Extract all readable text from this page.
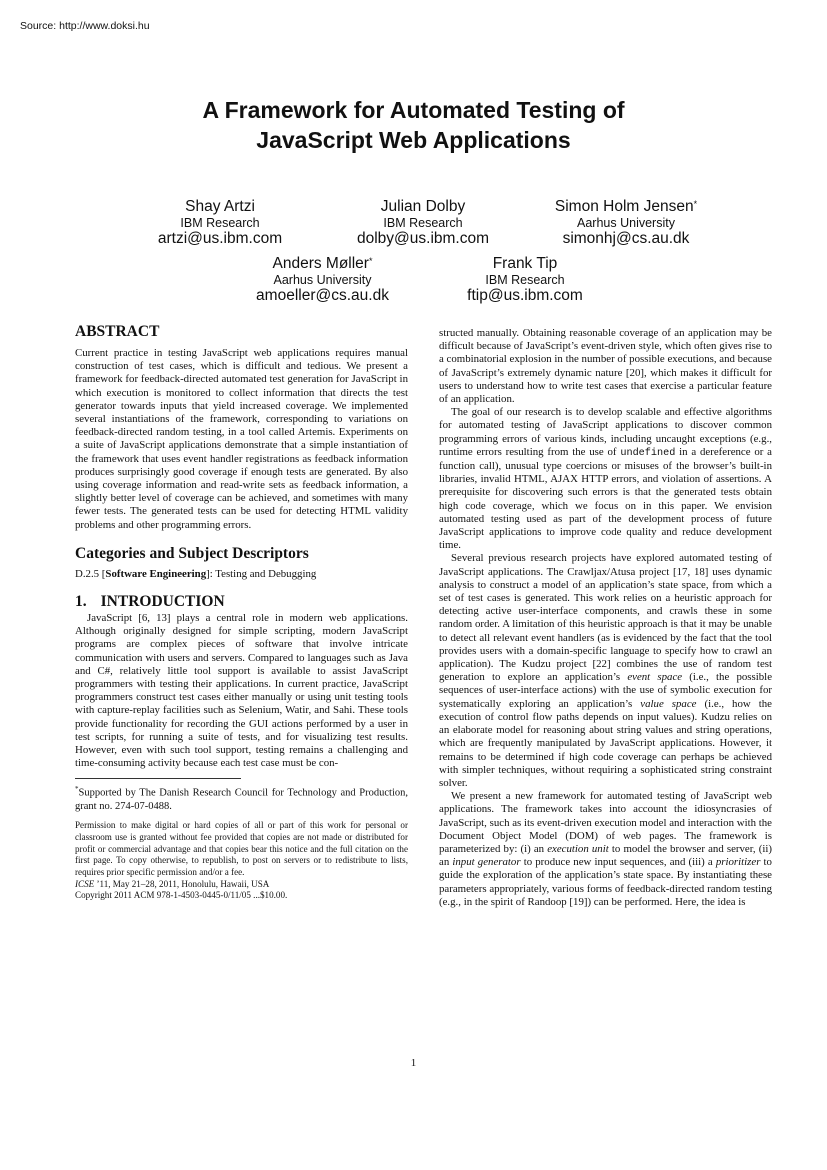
Source: http://www.doksi.hu
A Framework for Automated Testing of
JavaScript Web Applications
Shay Artzi
IBM Research
artzi@us.ibm.com
Julian Dolby
IBM Research
dolby@us.ibm.com
Simon Holm Jensen*
Aarhus University
simonhj@cs.au.dk
Anders Møller*
Aarhus University
amoeller@cs.au.dk
Frank Tip
IBM Research
ftip@us.ibm.com
ABSTRACT

Current practice in testing JavaScript web applications requires manual construction of test cases, which is difficult and tedious. We present a framework for feedback-directed automated test generation for JavaScript in which execution is monitored to collect information that directs the test generator towards inputs that yield increased coverage. We implemented several instantiations of the framework, corresponding to variations on feedback-directed random testing, in a tool called Artemis. Experiments on a suite of JavaScript applications demonstrate that a simple instantiation of the framework that uses event handler registrations as feedback information produces surprisingly good coverage if enough tests are generated. By also using coverage information and read-write sets as feedback information, a slightly better level of coverage can be achieved, and sometimes with many fewer tests. The generated tests can be used for detecting HTML validity problems and other programming errors.

Categories and Subject Descriptors

D.2.5 [Software Engineering]: Testing and Debugging

1. INTRODUCTION

JavaScript [6, 13] plays a central role in modern web applications. Although originally designed for simple scripting, modern JavaScript programs are complex pieces of software that involve intricate communication with users and servers. Compared to languages such as Java and C#, relatively little tool support is available to assist JavaScript programmers with testing their applications. In current practice, JavaScript programmers construct test cases either manually or using unit testing tools with capture-replay facilities such as Selenium, Watir, and Sahi. These tools provide functionality for recording the GUI actions performed by a user in test scripts, for running a suite of tests, and for visualizing test results. However, even with such tool support, testing remains a challenging and time-consuming activity because each test case must be con-

*Supported by The Danish Research Council for Technology and Production, grant no. 274-07-0488.

Permission to make digital or hard copies of all or part of this work for personal or classroom use is granted without fee provided that copies are not made or distributed for profit or commercial advantage and that copies bear this notice and the full citation on the first page. To copy otherwise, to republish, to post on servers or to redistribute to lists, requires prior specific permission and/or a fee.
ICSE ’11, May 21–28, 2011, Honolulu, Hawaii, USA
Copyright 2011 ACM 978-1-4503-0445-0/11/05 ...$10.00.

structed manually. Obtaining reasonable coverage of an application may be difficult because of JavaScript’s event-driven style, which often gives rise to a combinatorial explosion in the number of possible executions, and because of JavaScript’s extremely dynamic nature [20], which makes it difficult for users to understand how to write test cases that exercise a particular feature of an application.

The goal of our research is to develop scalable and effective algorithms for automated testing of JavaScript applications to discover common programming errors of various kinds, including uncaught exceptions (e.g., runtime errors resulting from the use of undefined in a dereference or a function call), unusual type coercions or misuses of the browser’s built-in libraries, invalid HTML, AJAX HTTP errors, and violation of assertions. A prerequisite for discovering such errors is that the generated tests obtain high code coverage, which we focus on in this paper. We envision automated testing used as part of the development process of future JavaScript applications to improve code quality and reduce development time.

Several previous research projects have explored automated testing of JavaScript applications. The Crawljax/Atusa project [17, 18] uses dynamic analysis to construct a model of an application’s state space, from which a set of test cases is generated. This work relies on a heuristic approach for detecting active user-interface components, and crawls these in some random order. A limitation of this heuristic approach is that it may be unable to detect all relevant event handlers (as is evidenced by the fact that the tool provides users with a domain-specific language to specify how to crawl an application). The Kudzu project [22] combines the use of random test generation to explore an application’s event space (i.e., the possible sequences of user-interface actions) with the use of symbolic execution for systematically exploring an application’s value space (i.e., how the execution of control flow paths depends on input values). Kudzu relies on an elaborate model for reasoning about string values and string operations, which are frequently manipulated by JavaScript applications. However, it remains to be determined if high code coverage can perhaps be achieved with simpler techniques, without requiring a sophisticated string constraint solver.

We present a new framework for automated testing of JavaScript web applications. The framework takes into account the idiosyncrasies of JavaScript, such as its event-driven execution model and interaction with the Document Object Model (DOM) of web pages. The framework is parameterized by: (i) an execution unit to model the browser and server, (ii) an input generator to produce new input sequences, and (iii) a prioritizer to guide the exploration of the application’s state space. By instantiating these parameters appropriately, various forms of feedback-directed random testing (e.g., in the spirit of Randoop [19]) can be performed. Here, the idea is

1
